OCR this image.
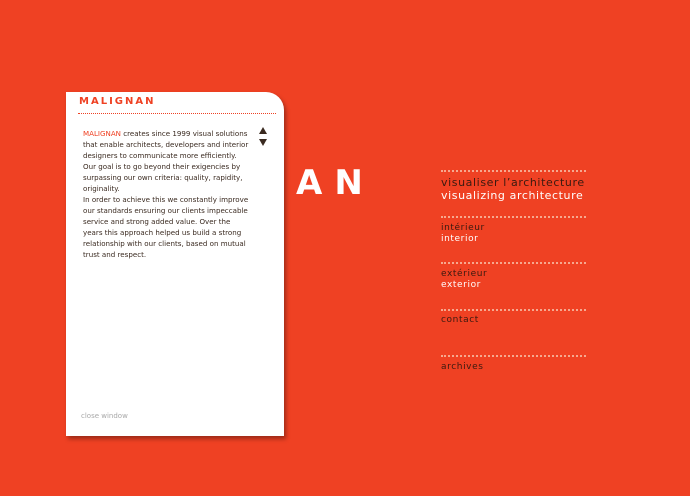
MALIGNAN

MALIGNAN creates since 1999 visual solutions that enable architects, developers and interior designers to communicate more efficiently. Our goal is to go beyond their exigencies by surpassing our own criteria: quality, rapidity, originality.

In order to achieve this we constantly improve our standards ensuring our clients impeccable service and strong added value. Over the years this approach helped us build a strong relationship with our clients, based on mutual trust and respect.

close window
AN	visualiser l’architecture
visualizing architecture
intérieur
interior
extérieur
exterior
contact
archives
